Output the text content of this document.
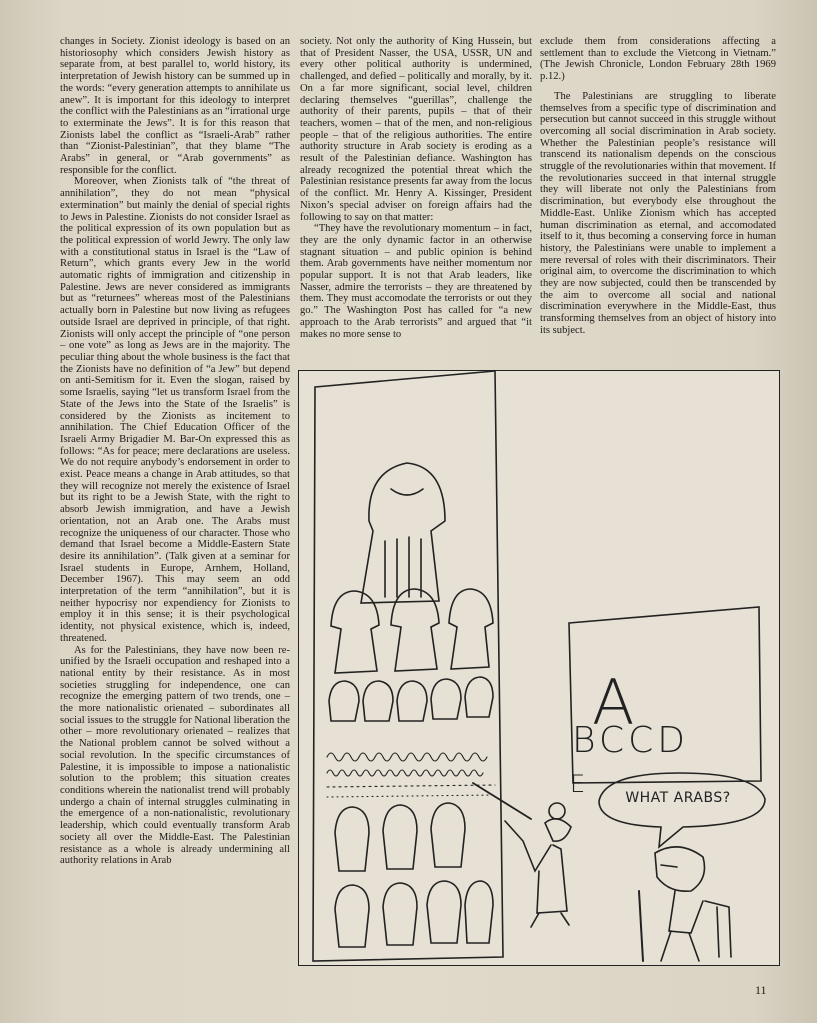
changes in Society. Zionist ideology is based on an historiosophy which considers Jewish history as separate from, at best parallel to, world history, its interpretation of Jewish history can be summed up in the words: “every generation attempts to annihilate us anew”. It is important for this ideology to interpret the conflict with the Palestinians as an “irrational urge to exterminate the Jews”. It is for this reason that Zionists label the conflict as “Israeli-Arab” rather than “Zionist-Palestinian”, that they blame “The Arabs” in general, or “Arab governments” as responsible for the conflict.

Moreover, when Zionists talk of “the threat of annihilation”, they do not mean “physical extermination” but mainly the denial of special rights to Jews in Palestine. Zionists do not consider Israel as the political expression of its own population but as the political expression of world Jewry. The only law with a constitutional status in Israel is the “Law of Return”, which grants every Jew in the world automatic rights of immigration and citizenship in Palestine. Jews are never considered as immigrants but as “returnees” whereas most of the Palestinians actually born in Palestine but now living as refugees outside Israel are deprived in principle, of that right. Zionists will only accept the principle of “one person – one vote” as long as Jews are in the majority. The peculiar thing about the whole business is the fact that the Zionists have no definition of “a Jew” but depend on anti-Semitism for it. Even the slogan, raised by some Israelis, saying “let us transform Israel from the State of the Jews into the State of the Israelis” is considered by the Zionists as incitement to annihilation. The Chief Education Officer of the Israeli Army Brigadier M. Bar-On expressed this as follows: “As for peace; mere declarations are useless. We do not require anybody’s endorsement in order to exist. Peace means a change in Arab attitudes, so that they will recognize not merely the existence of Israel but its right to be a Jewish State, with the right to absorb Jewish immigration, and have a Jewish orientation, not an Arab one. The Arabs must recognize the uniqueness of our character. Those who demand that Israel become a Middle-Eastern State desire its annihilation”. (Talk given at a seminar for Israel students in Europe, Arnhem, Holland, December 1967). This may seem an odd interpretation of the term “annihilation”, but it is neither hypocrisy nor expendiency for Zionists to employ it in this sense; it is their psychological identity, not physical existence, which is, indeed, threatened.

As for the Palestinians, they have now been re-unified by the Israeli occupation and reshaped into a national entity by their resistance. As in most societies struggling for independence, one can recognize the emerging pattern of two trends, one – the more nationalistic orienated – subordinates all social issues to the struggle for National liberation the other – more revolutionary orienated – realizes that the National problem cannot be solved without a social revolution. In the specific circumstances of Palestine, it is impossible to impose a nationalistic solution to the problem; this situation creates conditions wherein the nationalist trend will probably undergo a chain of internal struggles culminating in the emergence of a non-nationalistic, revolutionary leadership, which could eventually transform Arab society all over the Middle-East. The Palestinian resistance as a whole is already undermining all authority relations in Arab

society. Not only the authority of King Hussein, but that of President Nasser, the USA, USSR, UN and every other political authority is undermined, challenged, and defied – politically and morally, by it. On a far more significant, social level, children declaring themselves “guerillas”, challenge the authority of their parents, pupils – that of their teachers, women – that of the men, and non-religious people – that of the religious authorities. The entire authority structure in Arab society is eroding as a result of the Palestinian defiance. Washington has already recognized the potential threat which the Palestinian resistance presents far away from the locus of the conflict. Mr. Henry A. Kissinger, President Nixon’s special adviser on foreign affairs had the following to say on that matter:

“They have the revolutionary momentum – in fact, they are the only dynamic factor in an otherwise stagnant situation – and public opinion is behind them. Arab governments have neither momentum nor popular support. It is not that Arab leaders, like Nasser, admire the terrorists – they are threatened by them. They must accomodate the terrorists or out they go.” The Washington Post has called for “a new approach to the Arab terrorists” and argued that “it makes no more sense to

exclude them from considerations affecting a settlement than to exclude the Vietcong in Vietnam.” (The Jewish Chronicle, London February 28th 1969 p.12.)

The Palestinians are struggling to liberate themselves from a specific type of discrimination and persecution but cannot succeed in this struggle without overcoming all social discrimination in Arab society. Whether the Palestinian people’s resistance will transcend its nationalism depends on the conscious struggle of the revolutionaries within that movement. If the revolutionaries succeed in that internal struggle they will liberate not only the Palestinians from discrimination, but everybody else throughout the Middle-East. Unlike Zionism which has accepted human discrimination as eternal, and accomodated itself to it, thus becoming a conserving force in human history, the Palestinians were unable to implement a mere reversal of roles with their discriminators. Their original aim, to overcome the discrimination to which they are now subjected, could then be transcended by the aim to overcome all social and national discrimination everywhere in the Middle-East, thus transforming themselves from an object of history into its subject.

A
BCCD
E	WHAT ARABS?
11
